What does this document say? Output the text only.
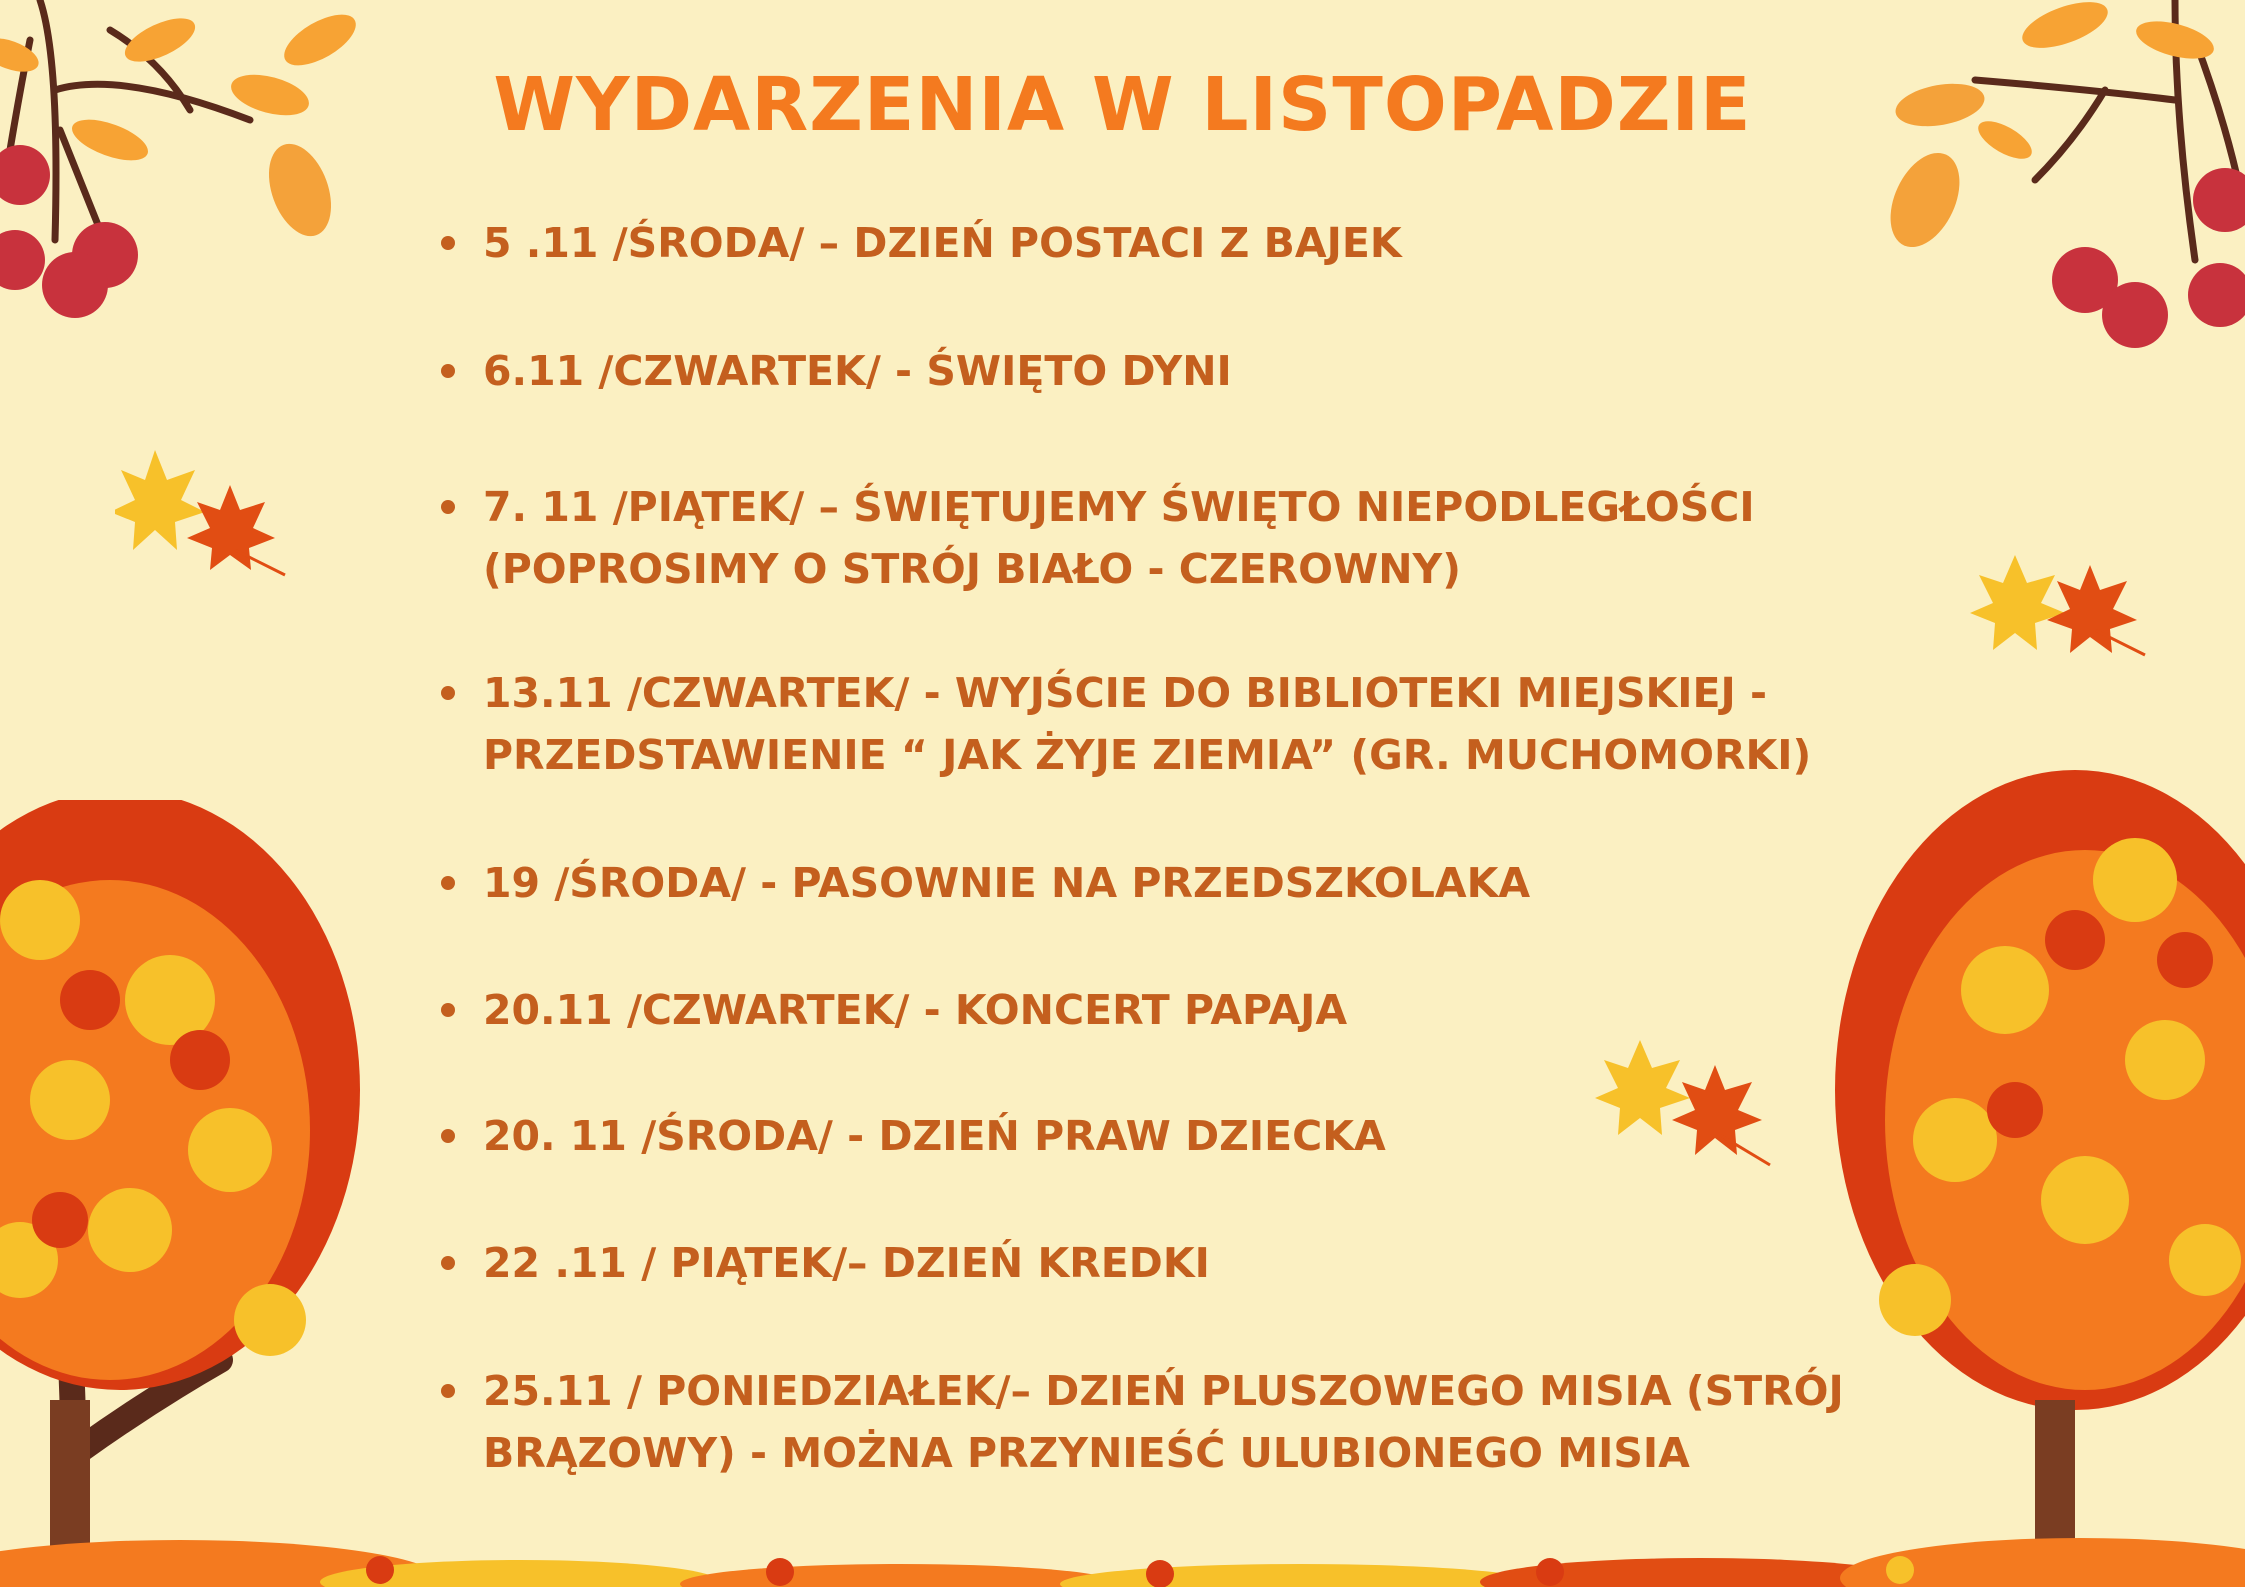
WYDARZENIA W LISTOPADZIE
5 .11 /ŚRODA/ – DZIEŃ POSTACI Z BAJEK
6.11 /CZWARTEK/ - ŚWIĘTO DYNI
7. 11 /PIĄTEK/ – ŚWIĘTUJEMY ŚWIĘTO NIEPODLEGŁOŚCI
(POPROSIMY O STRÓJ BIAŁO - CZEROWNY)
13.11 /CZWARTEK/ - WYJŚCIE DO BIBLIOTEKI MIEJSKIEJ -
PRZEDSTAWIENIE “ JAK ŻYJE ZIEMIA” (GR. MUCHOMORKI)
19 /ŚRODA/ - PASOWNIE NA PRZEDSZKOLAKA
20.11 /CZWARTEK/ - KONCERT PAPAJA
20. 11 /ŚRODA/ - DZIEŃ PRAW DZIECKA
22 .11 / PIĄTEK/– DZIEŃ KREDKI
25.11 / PONIEDZIAŁEK/– DZIEŃ PLUSZOWEGO MISIA (STRÓJ
BRĄZOWY) - MOŻNA PRZYNIEŚĆ ULUBIONEGO MISIA
